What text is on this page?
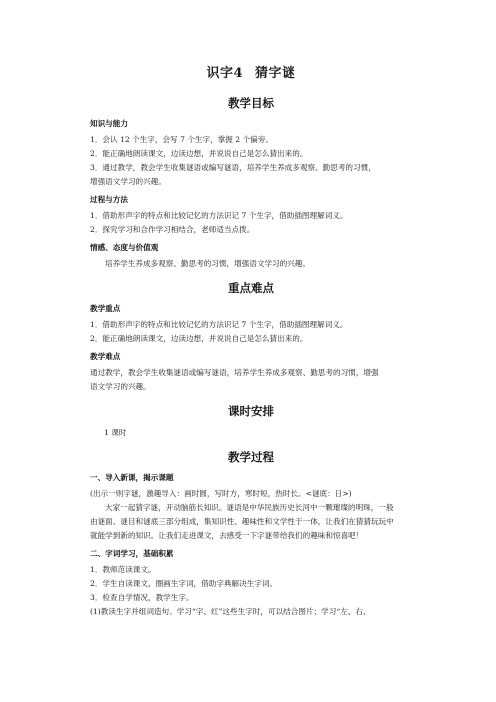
识字4 猜字谜
教学目标
知识与能力

1．会认 12 个生字，会写 7 个生字，掌握 2 个偏旁。

2．能正确地朗读课文，边读边想，并说说自己是怎么猜出来的。

3．通过教学，教会学生收集谜语或编写谜语，培养学生养成多观察、勤思考的习惯，

增强语文学习的兴趣。

过程与方法

1．借助形声字的特点和比较记忆的方法识记 7 个生字，借助插图理解词义。

2．探究学习和合作学习相结合，老师适当点拨。

情感、态度与价值观

培养学生养成多观察、勤思考的习惯，增强语文学习的兴趣。

重点难点
教学重点

1．借助形声字的特点和比较记忆的方法识记 7 个生字，借助插图理解词义。

2．能正确地朗读课文，边读边想，并说说自己是怎么猜出来的。

教学难点

通过教学，教会学生收集谜语或编写谜语，培养学生养成多观察、勤思考的习惯，增强

语文学习的兴趣。

课时安排

1 课时

教学过程
一、导入新课，揭示课题

(出示一则字谜，激趣导入：画时圆，写时方，寒时短，热时长。<谜底：日>)

大家一起猜字谜，开动脑筋长知识。谜语是中华民族历史长河中一颗璀璨的明珠，一般

由谜面、谜目和谜底三部分组成，集知识性、趣味性和文学性于一体，让我们在猜猜玩玩中

就能学到新的知识。让我们走进课文，去感受一下字谜带给我们的趣味和惊喜吧！

二、字词学习，基础积累

1．教师范读课文。

2．学生自读课文，圈画生字词，借助字典解决生字词。

3．检查自学情况，教学生字。

(1)教读生字并组词造句。学习“字、红”这些生字时，可以结合图片；学习“左、右、
